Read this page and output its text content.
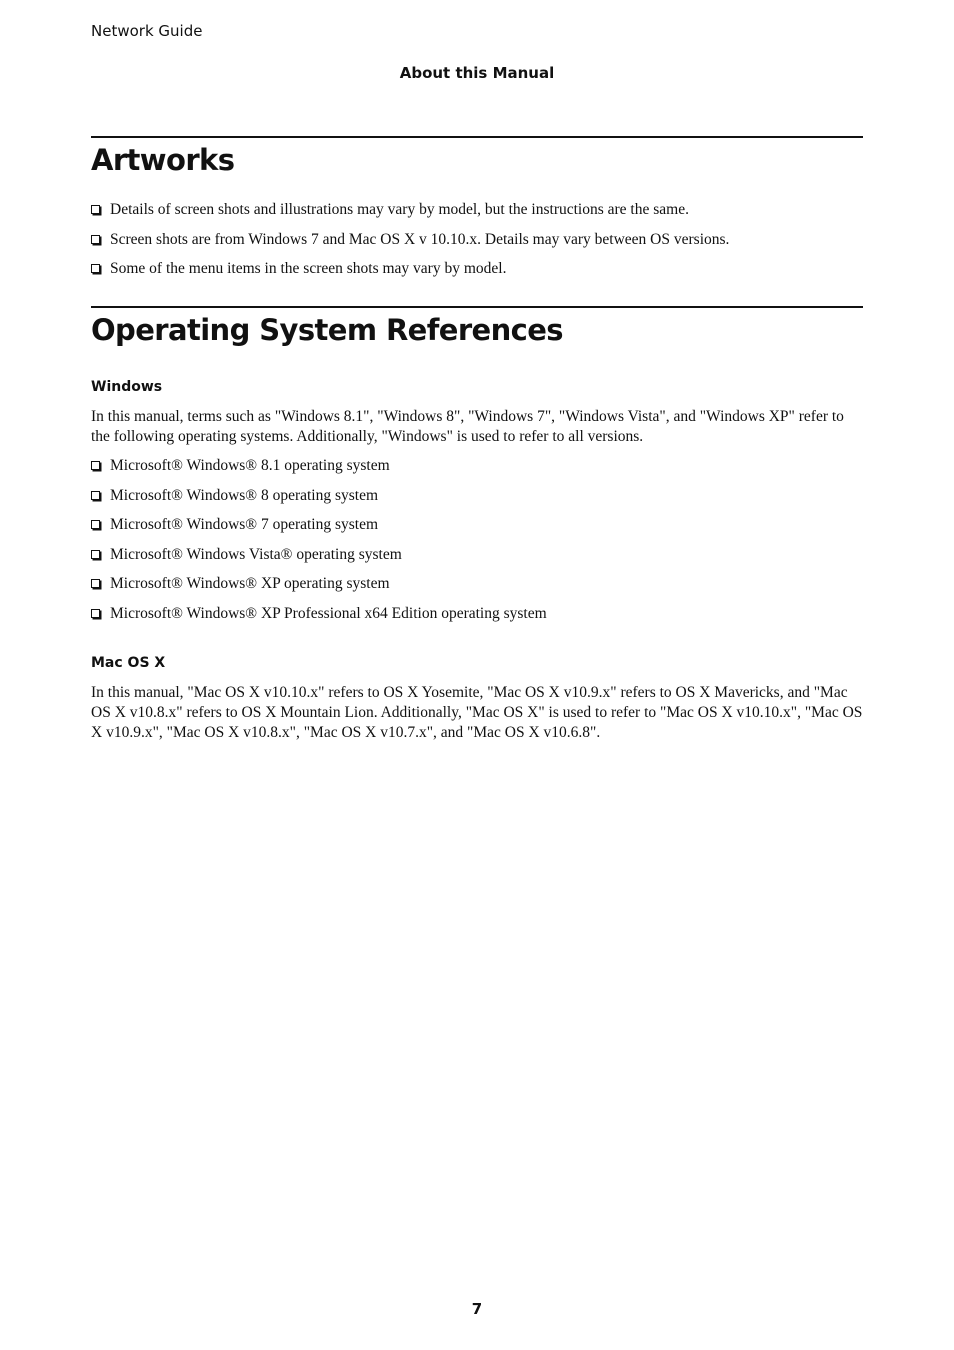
Network Guide
About this Manual
Artworks
Details of screen shots and illustrations may vary by model, but the instructions are the same.
Screen shots are from Windows 7 and Mac OS X v 10.10.x. Details may vary between OS versions.
Some of the menu items in the screen shots may vary by model.
Operating System References
Windows

In this manual, terms such as "Windows 8.1", "Windows 8", "Windows 7", "Windows Vista", and "Windows XP" refer to the following operating systems. Additionally, "Windows" is used to refer to all versions.

Microsoft® Windows® 8.1 operating system
Microsoft® Windows® 8 operating system
Microsoft® Windows® 7 operating system
Microsoft® Windows Vista® operating system
Microsoft® Windows® XP operating system
Microsoft® Windows® XP Professional x64 Edition operating system
Mac OS X

In this manual, "Mac OS X v10.10.x" refers to OS X Yosemite, "Mac OS X v10.9.x" refers to OS X Mavericks, and "Mac OS X v10.8.x" refers to OS X Mountain Lion. Additionally, "Mac OS X" is used to refer to "Mac OS X v10.10.x", "Mac OS X v10.9.x", "Mac OS X v10.8.x", "Mac OS X v10.7.x", and "Mac OS X v10.6.8".

7
